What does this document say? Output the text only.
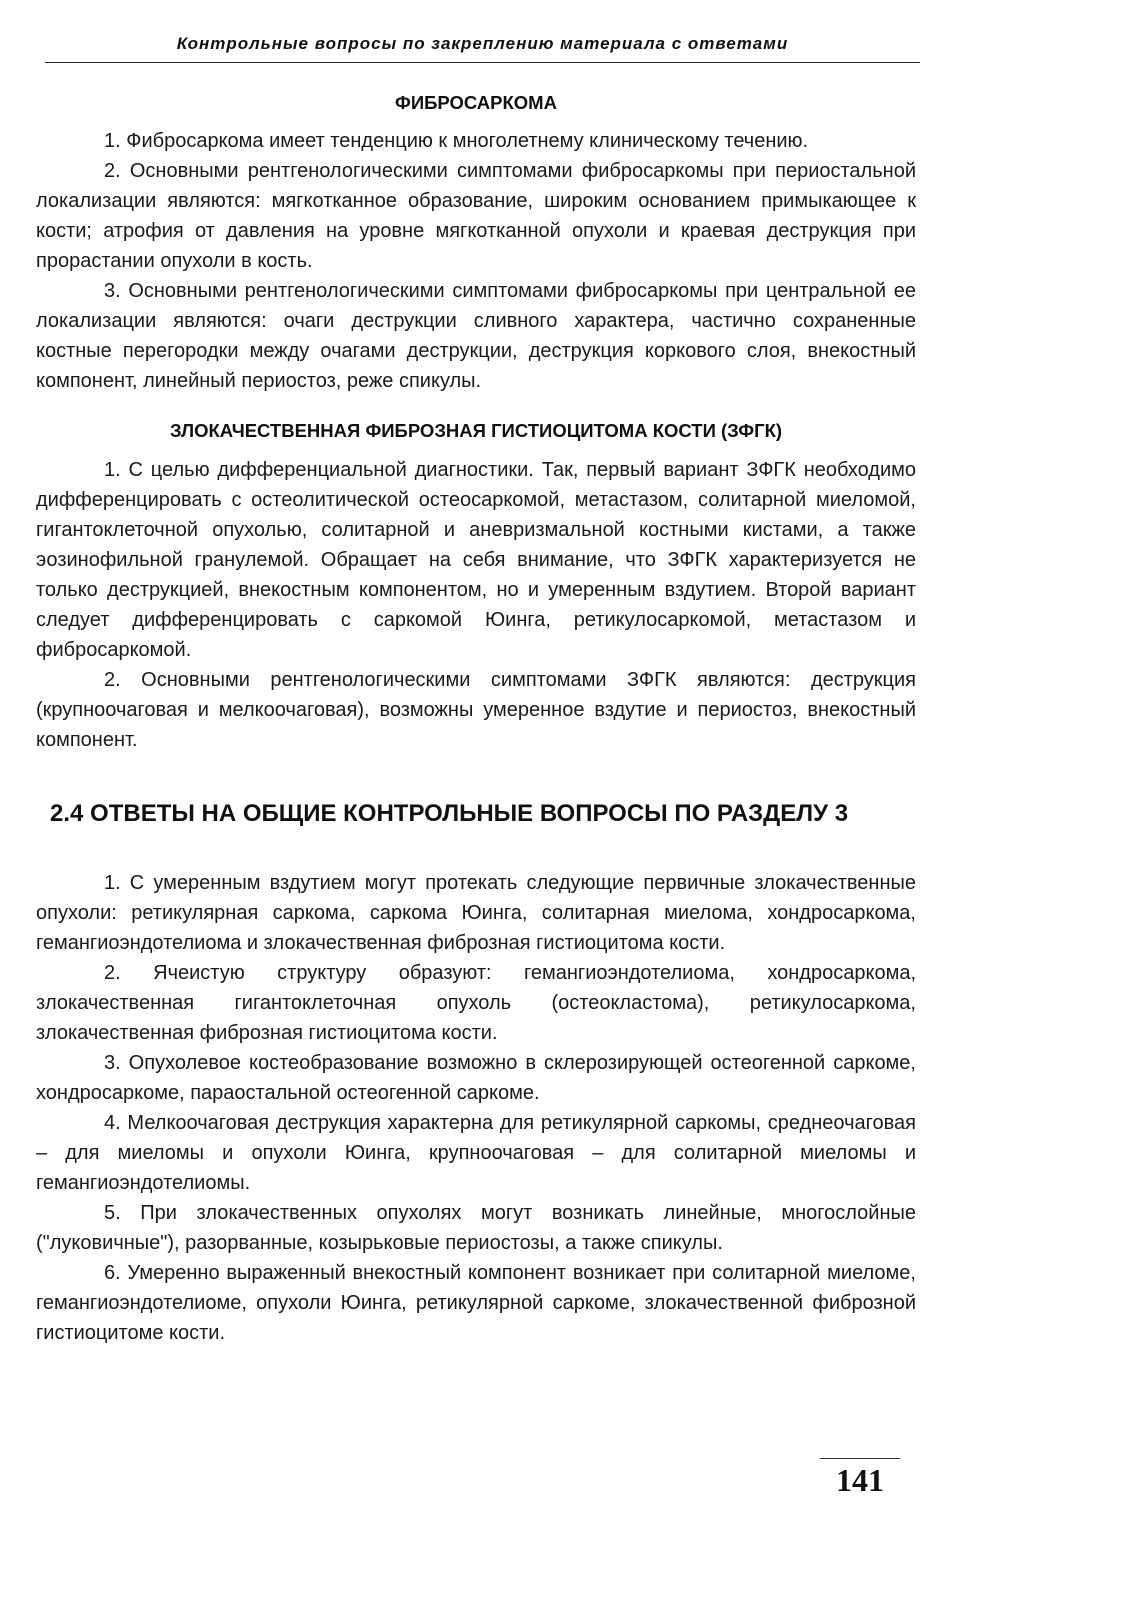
Контрольные вопросы по закреплению материала с ответами

ФИБРОСАРКОМА

1. Фибросаркома имеет тенденцию к многолетнему клиническому течению.

2. Основными рентгенологическими симптомами фибросаркомы при периостальной локализации являются: мягкотканное образование, широким основанием примыкающее к кости; атрофия от давления на уровне мягкотканной опухоли и краевая деструкция при прорастании опухоли в кость.

3. Основными рентгенологическими симптомами фибросаркомы при центральной ее локализации являются: очаги деструкции сливного характера, частично сохраненные костные перегородки между очагами деструкции, деструкция коркового слоя, внекостный компонент, линейный периостоз, реже спикулы.

ЗЛОКАЧЕСТВЕННАЯ ФИБРОЗНАЯ ГИСТИОЦИТОМА КОСТИ (ЗФГК)

1. С целью дифференциальной диагностики. Так, первый вариант ЗФГК необходимо дифференцировать с остеолитической остеосаркомой, метастазом, солитарной миеломой, гигантоклеточной опухолью, солитарной и аневризмальной костными кистами, а также эозинофильной гранулемой. Обращает на себя внимание, что ЗФГК характеризуется не только деструкцией, внекостным компонентом, но и умеренным вздутием. Второй вариант следует дифференцировать с саркомой Юинга, ретикулосаркомой, метастазом и фибросаркомой.

2. Основными рентгенологическими симптомами ЗФГК являются: деструкция (крупноочаговая и мелкоочаговая), возможны умеренное вздутие и периостоз, внекостный компонент.

2.4 ОТВЕТЫ НА ОБЩИЕ КОНТРОЛЬНЫЕ ВОПРОСЫ ПО РАЗДЕЛУ 3

1. С умеренным вздутием могут протекать следующие первичные злокачественные опухоли: ретикулярная саркома, саркома Юинга, солитарная миелома, хондросаркома, гемангиоэндотелиома и злокачественная фиброзная гистиоцитома кости.

2. Ячеистую структуру образуют: гемангиоэндотелиома, хондросаркома, злокачественная гигантоклеточная опухоль (остеокластома), ретикулосаркома, злокачественная фиброзная гистиоцитома кости.

3. Опухолевое костеобразование возможно в склерозирующей остеогенной саркоме, хондросаркоме, параостальной остеогенной саркоме.

4. Мелкоочаговая деструкция характерна для ретикулярной саркомы, среднеочаговая – для миеломы и опухоли Юинга, крупноочаговая – для солитарной миеломы и гемангиоэндотелиомы.

5. При злокачественных опухолях могут возникать линейные, многослойные ("луковичные"), разорванные, козырьковые периостозы, а также спикулы.

6. Умеренно выраженный внекостный компонент возникает при солитарной миеломе, гемангиоэндотелиоме, опухоли Юинга, ретикулярной саркоме, злокачественной фиброзной гистиоцитоме кости.

141
